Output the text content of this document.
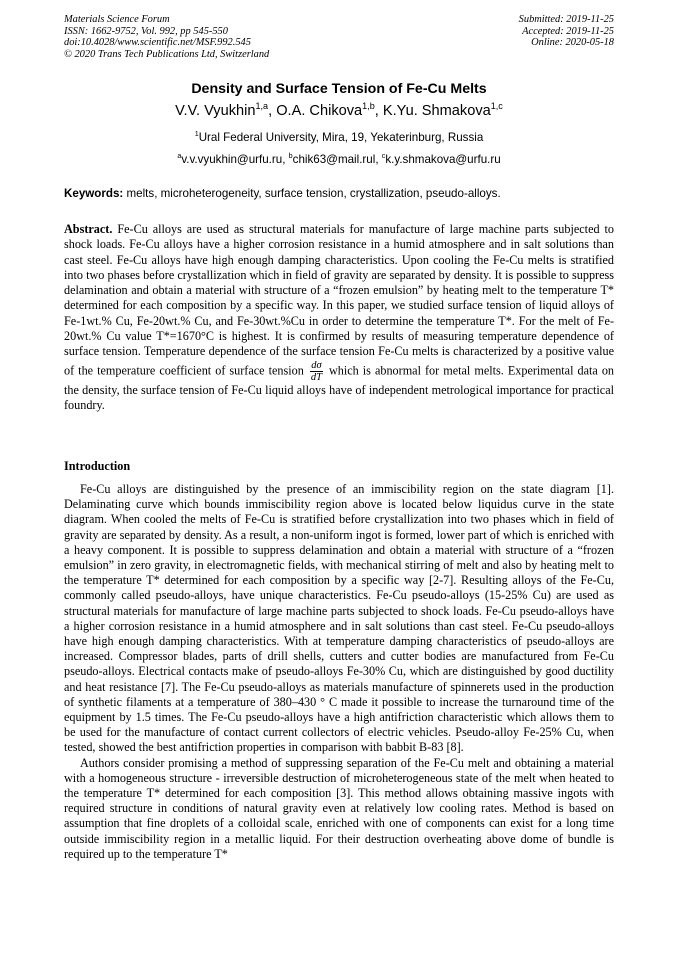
Materials Science Forum
ISSN: 1662-9752, Vol. 992, pp 545-550
doi:10.4028/www.scientific.net/MSF.992.545
© 2020 Trans Tech Publications Ltd, Switzerland
Submitted: 2019-11-25
Accepted: 2019-11-25
Online: 2020-05-18
Density and Surface Tension of Fe-Cu Melts
V.V. Vyukhin$^{1,a}$, O.A. Chikova$^{1,b}$, K.Yu. Shmakova$^{1,c}$
$^1$Ural Federal University, Mira, 19, Yekaterinburg, Russia
$^a$v.v.vyukhin@urfu.ru, $^b$chik63@mail.rul, $^c$k.y.shmakova@urfu.ru
Keywords: melts, microheterogeneity, surface tension, crystallization, pseudo-alloys.
Abstract. Fe-Cu alloys are used as structural materials for manufacture of large machine parts subjected to shock loads. Fe-Cu alloys have a higher corrosion resistance in a humid atmosphere and in salt solutions than cast steel. Fe-Cu alloys have high enough damping characteristics. Upon cooling the Fe-Cu melts is stratified into two phases before crystallization which in field of gravity are separated by density. It is possible to suppress delamination and obtain a material with structure of a “frozen emulsion” by heating melt to the temperature T* determined for each composition by a specific way. In this paper, we studied surface tension of liquid alloys of Fe-1wt.% Cu, Fe-20wt.% Cu, and Fe-30wt.%Cu in order to determine the temperature T*. For the melt of Fe-20wt.% Cu value T*=1670°C is highest. It is confirmed by results of measuring temperature dependence of surface tension. Temperature dependence of the surface tension Fe-Cu melts is characterized by a positive value of the temperature coefficient of surface tension $\frac{d\sigma}{dT}$ which is abnormal for metal melts. Experimental data on the density, the surface tension of Fe-Cu liquid alloys have of independent metrological importance for practical foundry.
Introduction

Fe-Cu alloys are distinguished by the presence of an immiscibility region on the state diagram [1]. Delaminating curve which bounds immiscibility region above is located below liquidus curve in the state diagram. When cooled the melts of Fe-Cu is stratified before crystallization into two phases which in field of gravity are separated by density. As a result, a non-uniform ingot is formed, lower part of which is enriched with a heavy component. It is possible to suppress delamination and obtain a material with structure of a “frozen emulsion” in zero gravity, in electromagnetic fields, with mechanical stirring of melt and also by heating melt to the temperature T* determined for each composition by a specific way [2-7]. Resulting alloys of the Fe-Cu, commonly called pseudo-alloys, have unique characteristics. Fe-Cu pseudo-alloys (15-25% Cu) are used as structural materials for manufacture of large machine parts subjected to shock loads. Fe-Cu pseudo-alloys have a higher corrosion resistance in a humid atmosphere and in salt solutions than cast steel. Fe-Cu pseudo-alloys have high enough damping characteristics. With at temperature damping characteristics of pseudo-alloys are increased. Compressor blades, parts of drill shells, cutters and cutter bodies are manufactured from Fe-Cu pseudo-alloys. Electrical contacts make of pseudo-alloys Fe-30% Cu, which are distinguished by good ductility and heat resistance [7]. The Fe-Cu pseudo-alloys as materials manufacture of spinnerets used in the production of synthetic filaments at a temperature of 380–430 ° C made it possible to increase the turnaround time of the equipment by 1.5 times. The Fe-Cu pseudo-alloys have a high antifriction characteristic which allows them to be used for the manufacture of contact current collectors of electric vehicles. Pseudo-alloy Fe-25% Cu, when tested, showed the best antifriction properties in comparison with babbit B-83 [8].

Authors consider promising a method of suppressing separation of the Fe-Cu melt and obtaining a material with a homogeneous structure - irreversible destruction of microheterogeneous state of the melt when heated to the temperature T* determined for each composition [3]. This method allows obtaining massive ingots with required structure in conditions of natural gravity even at relatively low cooling rates. Method is based on assumption that fine droplets of a colloidal scale, enriched with one of components can exist for a long time outside immiscibility region in a metallic liquid. For their destruction overheating above dome of bundle is required up to the temperature T*
